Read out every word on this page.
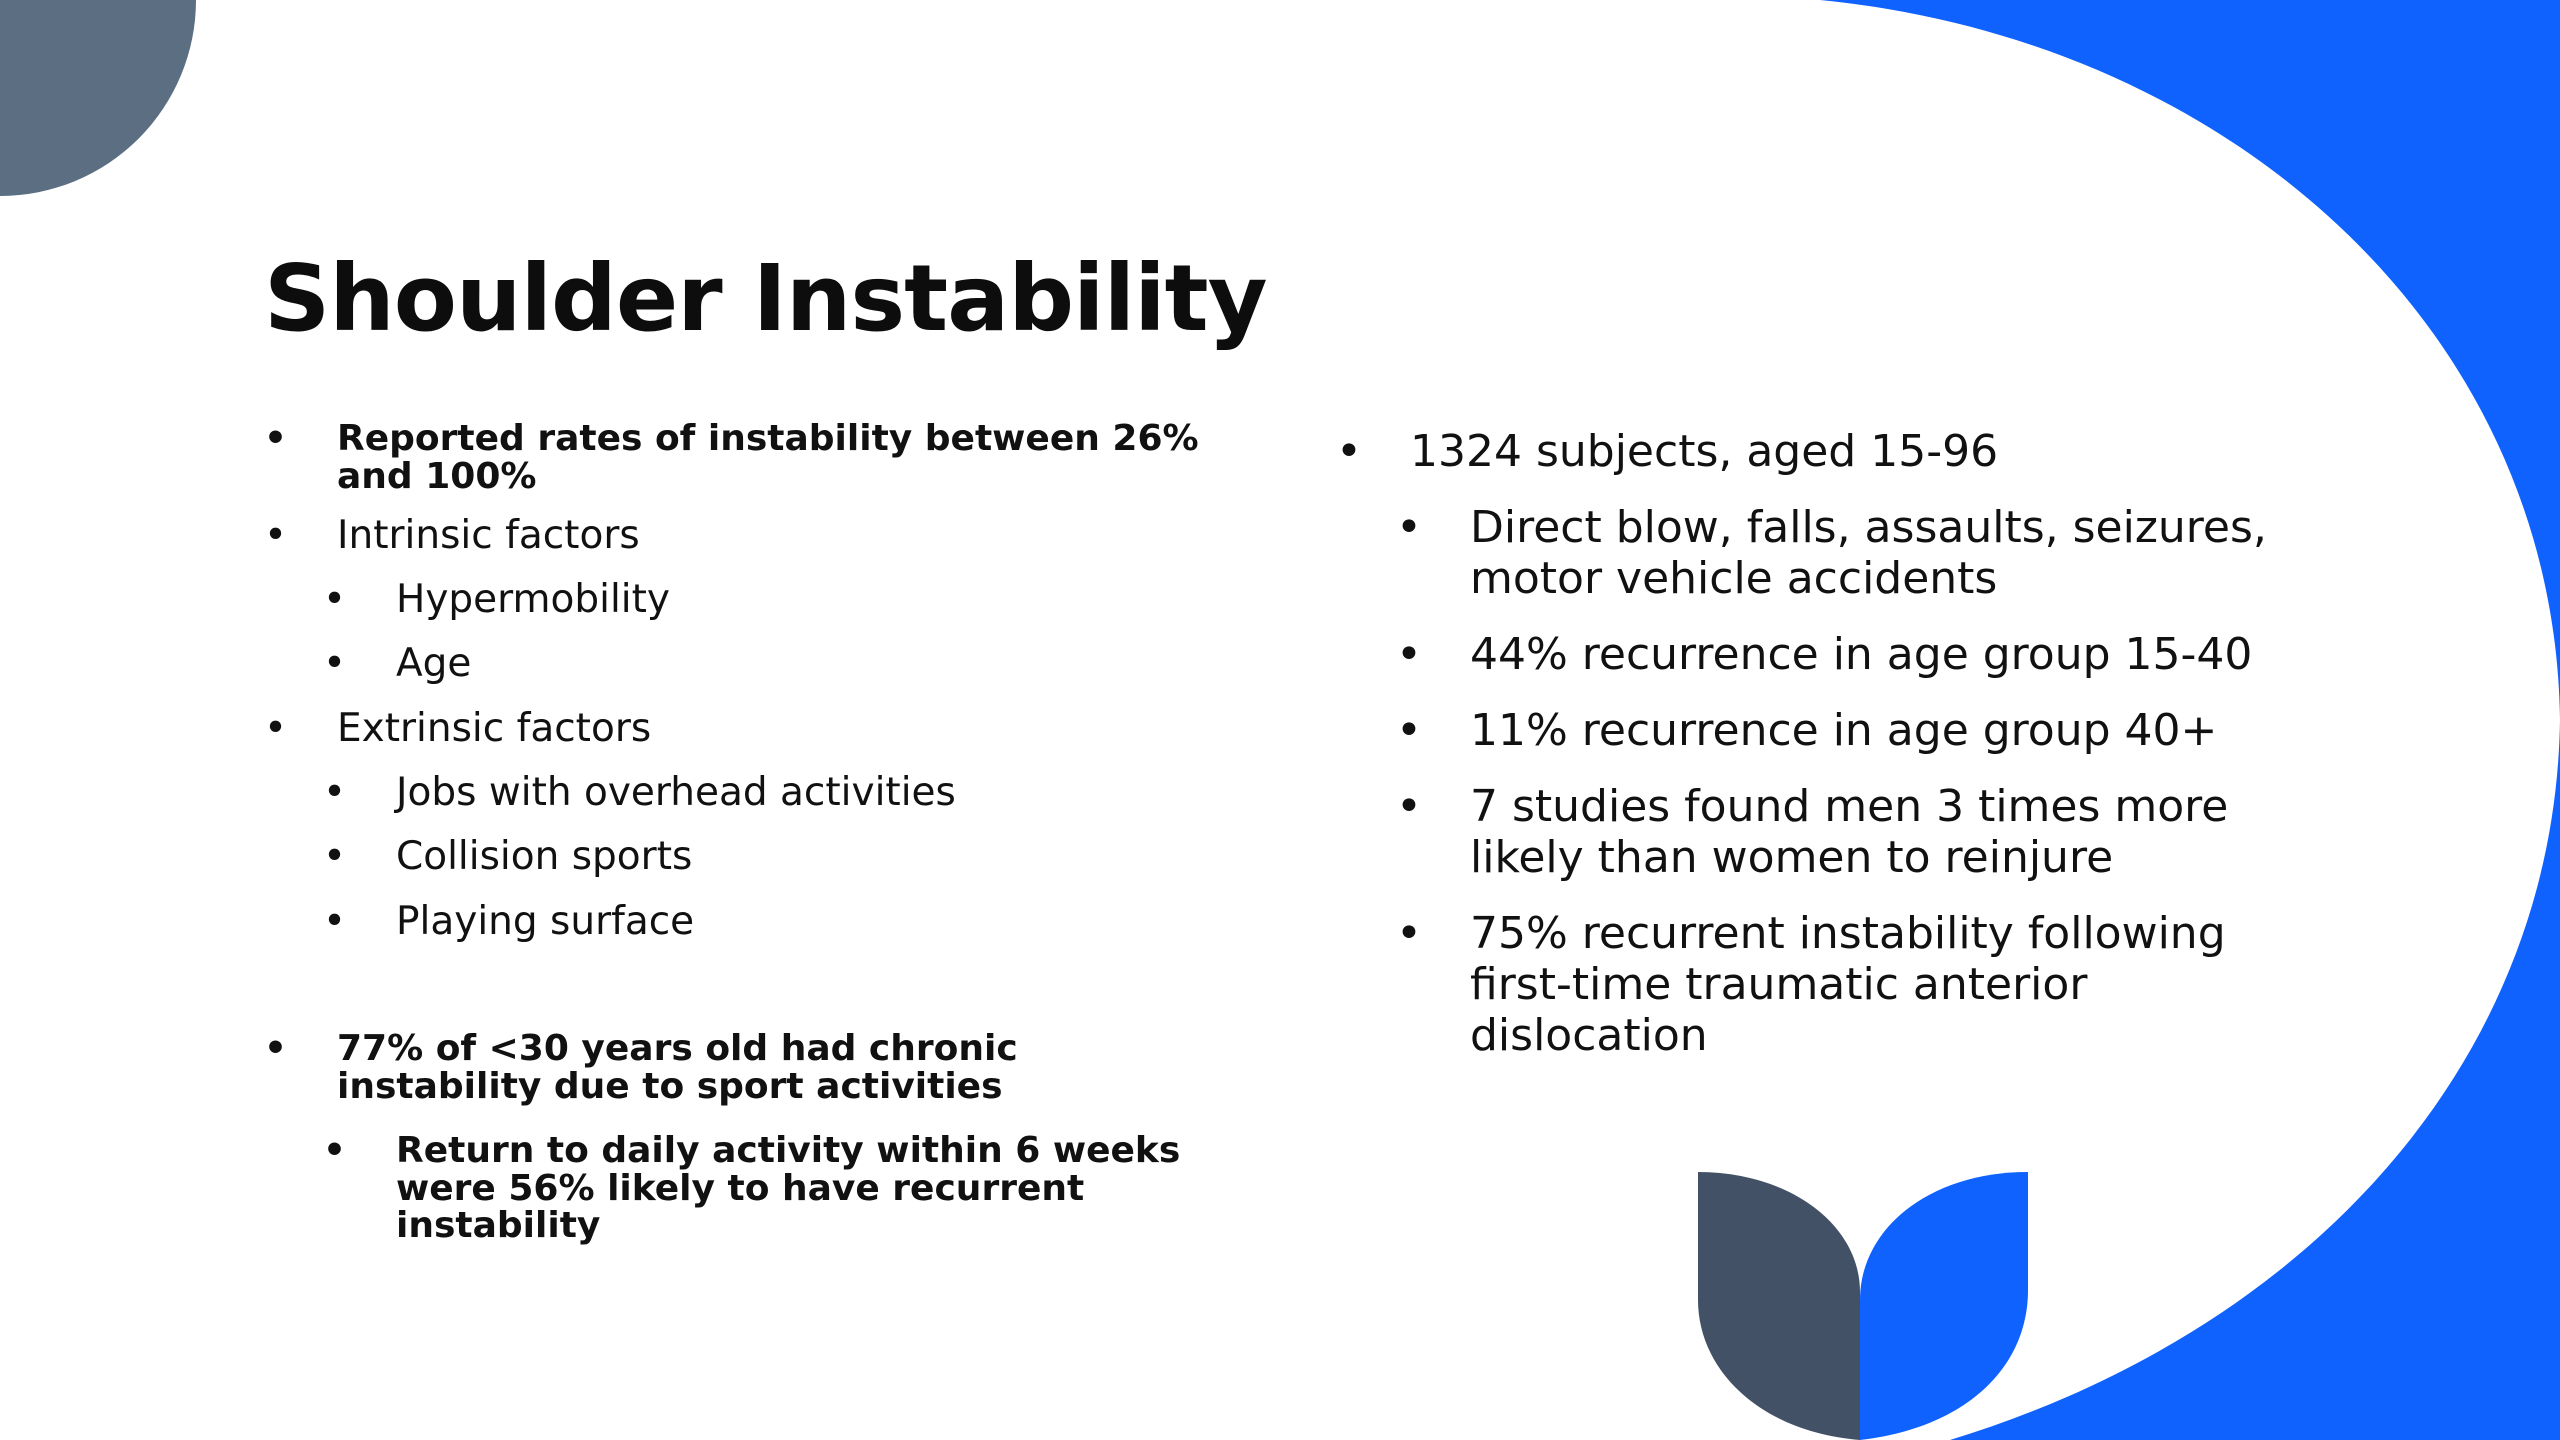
Shoulder Instability
• Reported rates of instability between 26% and 100%
• Intrinsic factors
• Hypermobility
• Age
• Extrinsic factors
• Jobs with overhead activities
• Collision sports
• Playing surface
• 77% of <30 years old had chronic instability due to sport activities
• Return to daily activity within 6 weeks were 56% likely to have recurrent instability
• 1324 subjects, aged 15-96
• Direct blow, falls, assaults, seizures, motor vehicle accidents
• 44% recurrence in age group 15-40
• 11% recurrence in age group 40+
• 7 studies found men 3 times more likely than women to reinjure
• 75% recurrent instability following first-time traumatic anterior dislocation
